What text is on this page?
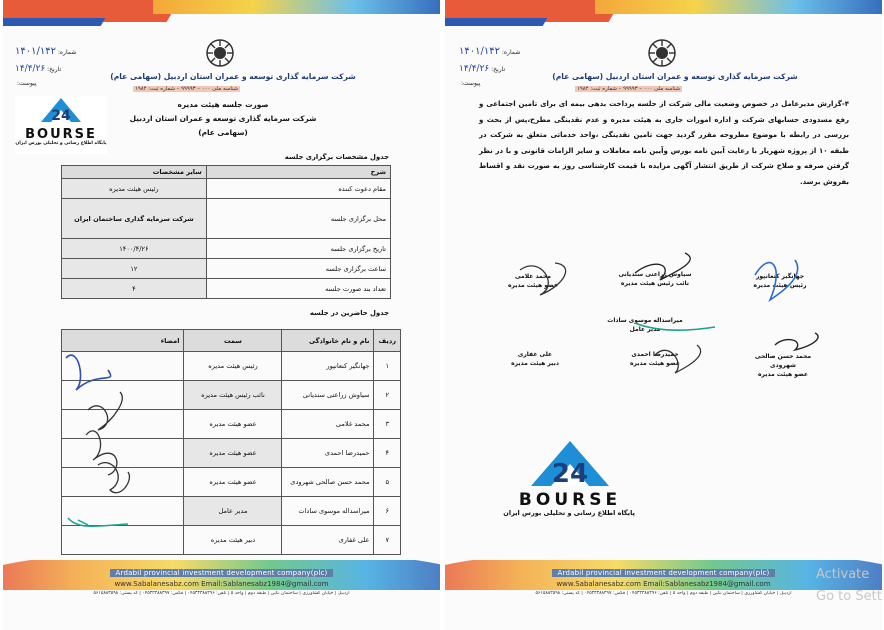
شرکت سرمایه گذاری توسعه و عمران استان اردبیل (سهامی عام)
شناسه ملی ۰۰۰ – ۹۹۹۹۳ – شماره ثبت: ۱۹۸۴
شماره: ۱۴۰۱/۱۴۲
تاریخ: ۱۴/۴/۲۶
پیوست:
24
BOURSE
پایگاه اطلاع رسانی و تحلیلی بورس ایران
صورت جلسه هیئت مدیره
شرکت سرمایه گذاری توسعه و عمران استان اردبیل
(سهامی عام)
جدول مشخصات برگزاری جلسه
شرح	سایر مشخصات
مقام دعوت کننده	رئیس هیئت مدیره
محل برگزاری جلسه	شرکت سرمایه گذاری ساختمان ایران
تاریخ برگزاری جلسه	۱۴۰۰/۴/۲۶
ساعت برگزاری جلسه	۱۲
تعداد بند صورت جلسه	۴
جدول حاضرین در جلسه
ردیف	نام و نام خانوادگی	سمت	امضاء
۱	جهانگیر کنعانپور	رئیس هیئت مدیره	
۲	سیاوش زراعتی سندیانی	نائب رئیس هیئت مدیره	
۳	محمد غلامی	عضو هیئت مدیره	
۴	حمیدرضا احمدی	عضو هیئت مدیره	
۵	محمد حسن صالحی شهرودی	عضو هیئت مدیره	
۶	میراسداله موسوی سادات	مدیر عامل	
۷	علی غفاری	دبیر هیئت مدیره	
Ardabil provincial investment development company(plc)
www.Sabalanesabz.com Email:Sablanesabz1984@gmail.com
اردبیل | خیابان کشاورزی | ساختمان نگین | طبقه دوم | واحد ۵ | تلفن: ۰۴۵۳۳۳۸۸۳۹۶ | فکس: ۰۴۵۳۳۳۸۸۳۹۷ | کد پستی: ۵۶۱۵۸۸۳۵۹۸
شرکت سرمایه گذاری توسعه و عمران استان اردبیل (سهامی عام)
شناسه ملی ۰۰۰ – ۹۹۹۹۳ – شماره ثبت: ۱۹۸۴
شماره: ۱۴۰۱/۱۴۲
تاریخ: ۱۴/۴/۲۶
پیوست:
۴-گزارش مدیرعامل در خصوص وضعیت مالی شرکت از جلسه پرداخت بدهی بیمه ای برای تامین اجتماعی و رفع مسدودی حسابهای شرکت و اداره امورات جاری به هیئت مدیره و عدم نقدینگی مطرح،پس از بحث و بررسی در رابطه با موضوع مطروحه مقرر گردید جهت تامین نقدینگی ،واحد خدماتی متعلق به شرکت در طبقه ۱۰ از پروژه شهریار با رعایت آیین نامه بورس وآیین نامه معاملات و سایر الزامات قانونی و با در نظر گرفتن صرفه و صلاح شرکت از طریق انتشار آگهی مزایده با قیمت کارشناسی روز به صورت نقد و اقساط بفروش برسد.
جهانگیر کنعانپور
رئیس هیئت مدیره
سیاوش زراعتی سندیانی
نائب رئیس هیئت مدیره
محمد غلامی
عضو هیئت مدیره
میراسداله موسوی سادات
مدیر عامل
محمد حسن صالحی شهرودی
عضو هیئت مدیره
حمیدرضا احمدی
عضو هیئت مدیره
علی غفاری
دبیر هیئت مدیره
24
BOURSE
پایگاه اطلاع رسانی و تحلیلی بورس ایران
Ardabil provincial investment development company(plc)
www.Sabalanesabz.com Email:Sablanesabz1984@gmail.com
اردبیل | خیابان کشاورزی | ساختمان نگین | طبقه دوم | واحد ۵ | تلفن: ۰۴۵۳۳۳۸۸۳۹۶ | فکس: ۰۴۵۳۳۳۸۸۳۹۷ | کد پستی: ۵۶۱۵۸۸۳۵۹۸
Activate
Go to Sett
